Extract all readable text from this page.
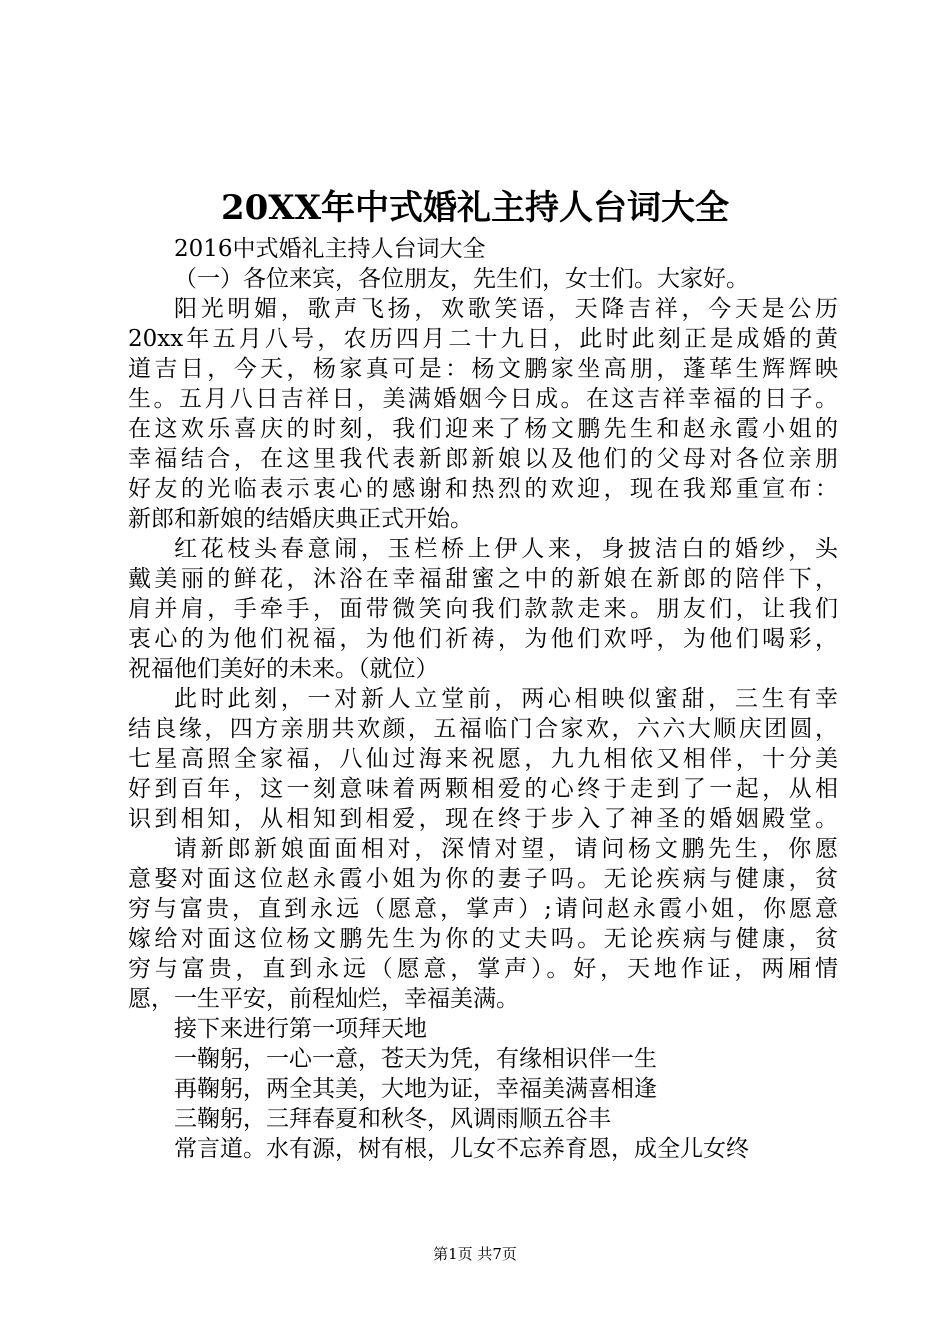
20XX年中式婚礼主持人台词大全
2016中式婚礼主持人台词大全
（一）各位来宾，各位朋友，先生们，女士们。大家好。
阳光明媚，歌声飞扬，欢歌笑语，天降吉祥，今天是公历
20xx年五月八号，农历四月二十九日，此时此刻正是成婚的黄
道吉日，今天，杨家真可是：杨文鹏家坐高朋，蓬荜生辉辉映
生。五月八日吉祥日，美满婚姻今日成。在这吉祥幸福的日子。
在这欢乐喜庆的时刻，我们迎来了杨文鹏先生和赵永霞小姐的
幸福结合，在这里我代表新郎新娘以及他们的父母对各位亲朋
好友的光临表示衷心的感谢和热烈的欢迎，现在我郑重宣布：
新郎和新娘的结婚庆典正式开始。
红花枝头春意闹，玉栏桥上伊人来，身披洁白的婚纱，头
戴美丽的鲜花，沐浴在幸福甜蜜之中的新娘在新郎的陪伴下，
肩并肩，手牵手，面带微笑向我们款款走来。朋友们，让我们
衷心的为他们祝福，为他们祈祷，为他们欢呼，为他们喝彩，
祝福他们美好的未来。（就位）
此时此刻，一对新人立堂前，两心相映似蜜甜，三生有幸
结良缘，四方亲朋共欢颜，五福临门合家欢，六六大顺庆团圆，
七星高照全家福，八仙过海来祝愿，九九相依又相伴，十分美
好到百年，这一刻意味着两颗相爱的心终于走到了一起，从相
识到相知，从相知到相爱，现在终于步入了神圣的婚姻殿堂。
请新郎新娘面面相对，深情对望，请问杨文鹏先生，你愿
意娶对面这位赵永霞小姐为你的妻子吗。无论疾病与健康，贫
穷与富贵，直到永远（愿意，掌声）;请问赵永霞小姐，你愿意
嫁给对面这位杨文鹏先生为你的丈夫吗。无论疾病与健康，贫
穷与富贵，直到永远（愿意，掌声）。好，天地作证，两厢情
愿，一生平安，前程灿烂，幸福美满。
接下来进行第一项拜天地
一鞠躬，一心一意，苍天为凭，有缘相识伴一生
再鞠躬，两全其美，大地为证，幸福美满喜相逢
三鞠躬，三拜春夏和秋冬，风调雨顺五谷丰
常言道。水有源，树有根，儿女不忘养育恩，成全儿女终
第1页 共7页
